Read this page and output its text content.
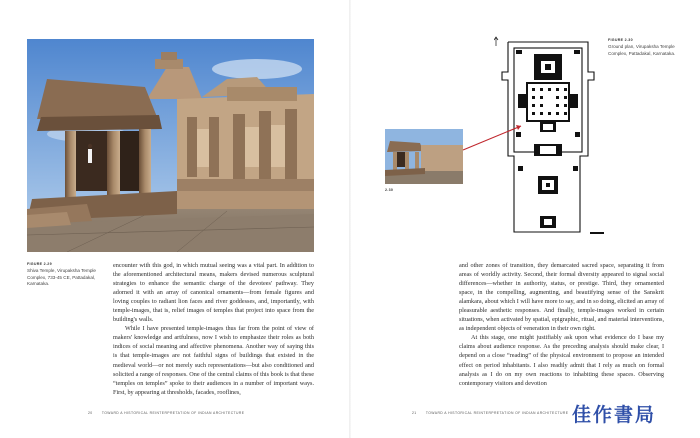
FIGURE 2.29
Shiva Temple, Virupaksha Temple
Complex, 733-45 CE, Pattadakal,
Karnataka.

encounter with this god, in which mutual seeing was a vital part. In addition to the aforementioned architectural means, makers devised numerous sculptural strategies to enhance the semantic charge of the devotees' pathway. They adorned it with an array of canonical ornaments—from female figures and loving couples to radiant lion faces and river goddesses, and, importantly, with temple-images, that is, relief images of temples that project into space from the building's walls.

While I have presented temple-images thus far from the point of view of makers' knowledge and artfulness, now I wish to emphasize their roles as both indices of social meaning and affective phenomena. Another way of saying this is that temple-images are not faithful signs of buildings that existed in the medieval world—or not merely such representations—but also conditioned and solicited a range of responses. One of the central claims of this book is that these “temples on temples” spoke to their audiences in a number of important ways. First, by appearing at thresholds, facades, rooflines,

20	TOWARD A HISTORICAL REINTERPRETATION OF INDIAN ARCHITECTURE
2.30
FIGURE 2.30
Ground plan, Virupaksha Temple
Complex, Pattadakal, Karnataka.

and other zones of transition, they demarcated sacred space, separating it from areas of worldly activity. Second, their formal diversity appeared to signal social differences—whether in authority, status, or prestige. Third, they ornamented space, in the compelling, augmenting, and beautifying sense of the Sanskrit alamkara, about which I will have more to say, and in so doing, elicited an array of pleasurable aesthetic responses. And finally, temple-images worked in certain situations, when activated by spatial, epigraphic, ritual, and material interventions, as independent objects of veneration in their own right.

At this stage, one might justifiably ask upon what evidence do I base my claims about audience response. As the preceding analysis should make clear, I depend on a close “reading” of the physical environment to propose an intended effect on period inhabitants. I also readily admit that I rely as much on formal analysis as I do on my own reactions to inhabiting these spaces. Observing contemporary visitors and devotion

21	TOWARD A HISTORICAL REINTERPRETATION OF INDIAN ARCHITECTURE 佳作書局
